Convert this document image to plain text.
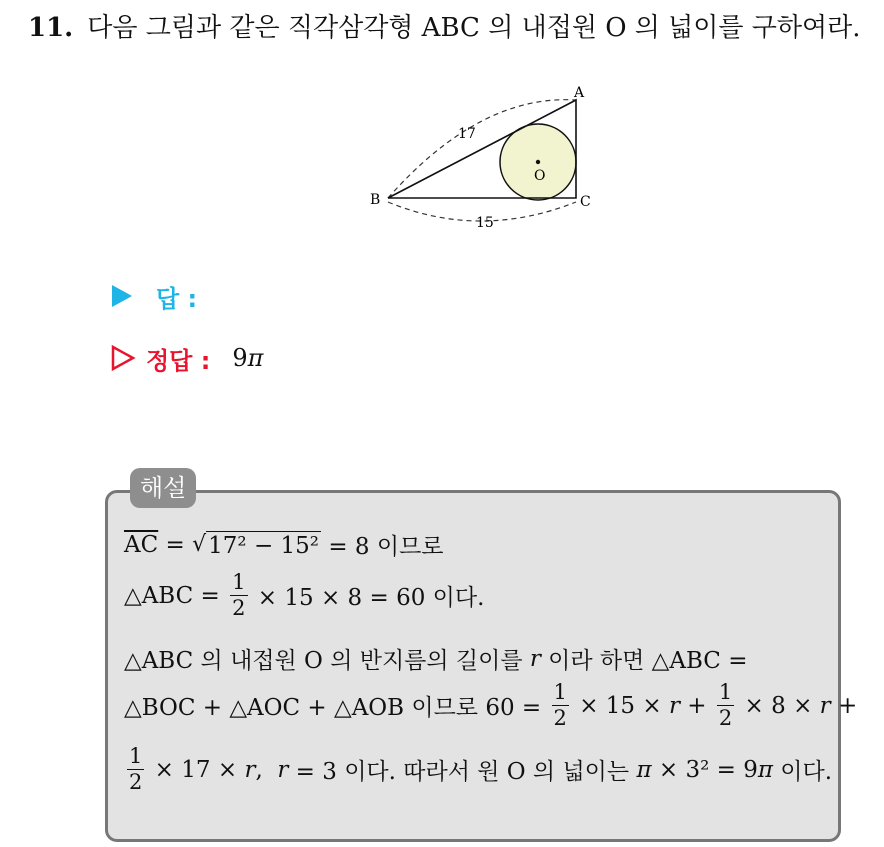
11. 다음 그림과 같은 직각삼각형 ABC 의 내접원 O 의 넓이를 구하여라.
A
B	C
O
17
15
답 :
정답 : 9π
해설
$\overline{AC}$ = √ 17² − 15² = 8 이므로
△ABC = $\frac{1}{2} \times 15 \times 8 = 60$ 이다.
△ABC 의 내접원 O 의 반지름의 길이를 r 이라 하면 △ABC =
△BOC + △AOC + △AOB 이므로 $60 = \frac{1}{2} \times 15 \times r + \frac{1}{2} \times 8 \times r$ +
$\frac{1}{2} \times 17 \times r$ , r = 3 이다. 따라서 원 O 의 넓이는 π × 3² = 9 π 이다.
